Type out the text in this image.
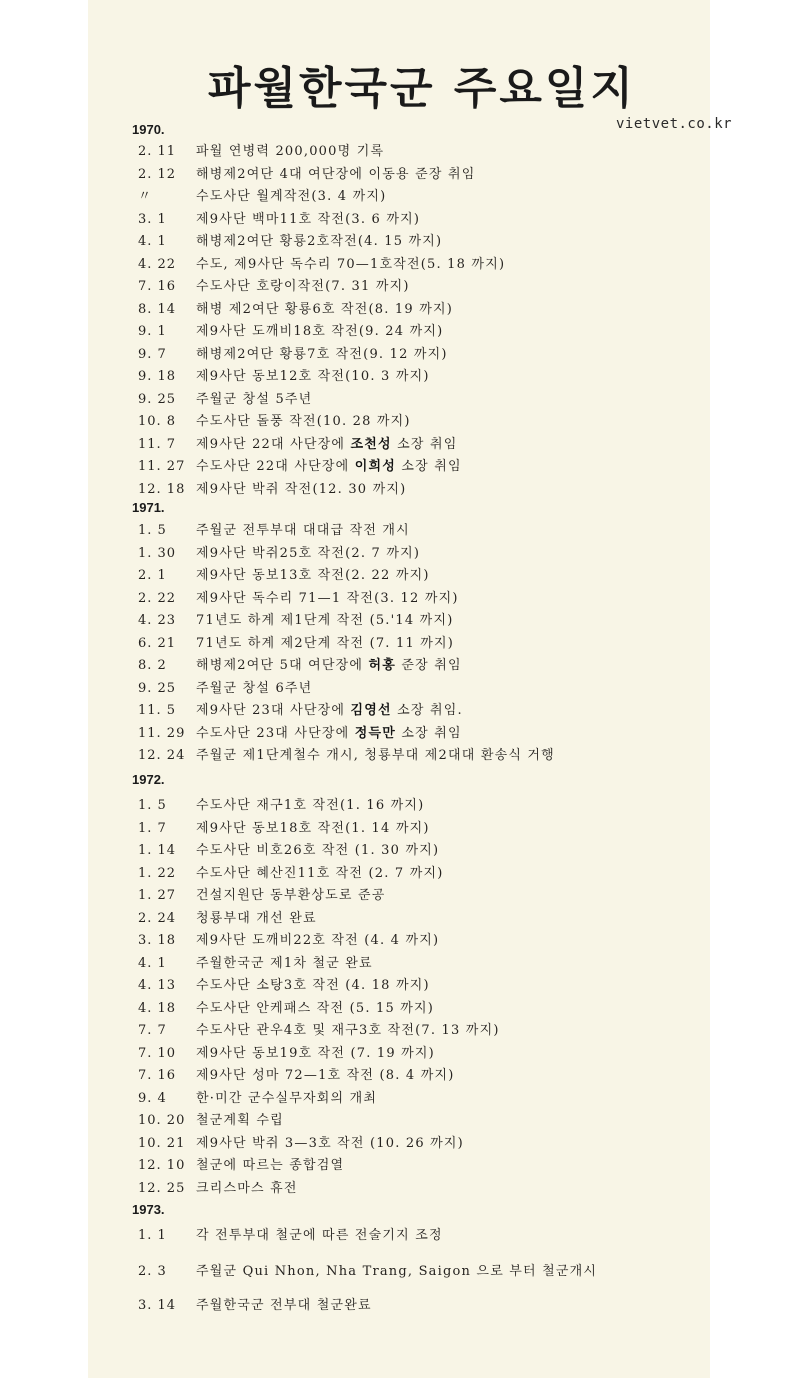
파월한국군 주요일지
vietvet.co.kr
1970.
2. 11	파월 연병력 200,000명 기록
2. 12	해병제2여단 4대 여단장에 이동용 준장 취임
〃	수도사단 월계작전(3. 4 까지)
3. 1	제9사단 백마11호 작전(3. 6 까지)
4. 1	해병제2여단 황룡2호작전(4. 15 까지)
4. 22	수도, 제9사단 독수리 70—1호작전(5. 18 까지)
7. 16	수도사단 호랑이작전(7. 31 까지)
8. 14	해병 제2여단 황룡6호 작전(8. 19 까지)
9. 1	제9사단 도깨비18호 작전(9. 24 까지)
9. 7	해병제2여단 황룡7호 작전(9. 12 까지)
9. 18	제9사단 동보12호 작전(10. 3 까지)
9. 25	주월군 창설 5주년
10. 8	수도사단 돌풍 작전(10. 28 까지)
11. 7	제9사단 22대 사단장에 조천성 소장 취임
11. 27 수도사단 22대 사단장에 이희성 소장 취임
12. 18 제9사단 박쥐 작전(12. 30 까지)
1971.
1. 5	주월군 전투부대 대대급 작전 개시
1. 30	제9사단 박쥐25호 작전(2. 7 까지)
2. 1	제9사단 동보13호 작전(2. 22 까지)
2. 22	제9사단 독수리 71—1 작전(3. 12 까지)
4. 23	71년도 하계 제1단계 작전 (5.'14 까지)
6. 21	71년도 하계 제2단계 작전 (7. 11 까지)
8. 2	해병제2여단 5대 여단장에 허홍 준장 취임
9. 25	주월군 창설 6주년
11. 5	제9사단 23대 사단장에 김영선 소장 취임.
11. 29 수도사단 23대 사단장에 정득만 소장 취임
12. 24 주월군 제1단계철수 개시, 청룡부대 제2대대 환송식 거행
1972.
1. 5	수도사단 재구1호 작전(1. 16 까지)
1. 7	제9사단 동보18호 작전(1. 14 까지)
1. 14	수도사단 비호26호 작전 (1. 30 까지)
1. 22	수도사단 혜산진11호 작전 (2. 7 까지)
1. 27	건설지원단 동부환상도로 준공
2. 24	청룡부대 개선 완료
3. 18	제9사단 도깨비22호 작전 (4. 4 까지)
4. 1	주월한국군 제1차 철군 완료
4. 13	수도사단 소탕3호 작전 (4. 18 까지)
4. 18	수도사단 안케패스 작전 (5. 15 까지)
7. 7	수도사단 관우4호 및 재구3호 작전(7. 13 까지)
7. 10	제9사단 동보19호 작전 (7. 19 까지)
7. 16	제9사단 성마 72—1호 작전 (8. 4 까지)
9. 4	한·미간 군수실무자회의 개최
10. 20 철군계획 수립
10. 21 제9사단 박쥐 3—3호 작전 (10. 26 까지)
12. 10 철군에 따르는 종합검열
12. 25 크리스마스 휴전
1973.
1. 1	각 전투부대 철군에 따른 전술기지 조정
2. 3	주월군 Qui Nhon, Nha Trang, Saigon 으로 부터 철군개시
3. 14	주월한국군 전부대 철군완료
